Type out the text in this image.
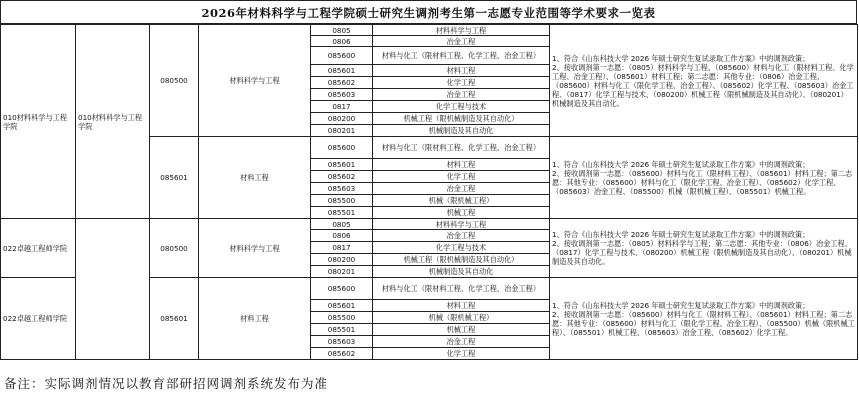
2026年材料科学与工程学院硕士研究生调剂考生第一志愿专业范围等学术要求一览表
010材料科学与工程学院	010材料科学与工程学院	080500	材料科学与工程	0805	材料科学与工程	1、符合《山东科技大学 2026 年硕士研究生复试录取工作方案》中的调剂政策；
2、接收调剂第一志愿：（0805）材料科学与工程、（085600）材料与化工（限材料工程、化学工程、冶金工程）、（085601）材料工程；第二志愿：其他专业：（0806）冶金工程、（085600）材料与化工（限化学工程、冶金工程）、（085602）化学工程、（085603）冶金工程、（0817）化学工程与技术、（080200）机械工程（限机械制造及其自动化）、（080201）机械制造及其自动化。

				0806	冶金工程	
				085600	材料与化工（限材料工程、化学工程、冶金工程）	
				085601	材料工程	
				085602	化学工程	
				085603	冶金工程	
				0817	化学工程与技术	
				080200	机械工程（限机械制造及其自动化）	
				080201	机械制造及其自动化	
		085601	材料工程	085600	材料与化工（限材料工程、化学工程、冶金工程）	1、符合《山东科技大学 2026 年硕士研究生复试录取工作方案》中的调剂政策；
2、接收调剂第一志愿：（085600）材料与化工（限材料工程）、（085601）材料工程；第二志愿：其他专业：（085600）材料与化工（限化学工程、冶金工程）、（085602）化学工程、（085603）冶金工程、（085500）机械（限机械工程）、（085501）机械工程。

				085601	材料工程	
				085602	化学工程	
				085603	冶金工程	
				085500	机械（限机械工程）	
				085501	机械工程	
022卓越工程师学院		080500	材料科学与工程	0805	材料科学与工程	1、符合《山东科技大学 2026 年硕士研究生复试录取工作方案》中的调剂政策；
2、接收调剂第一志愿：（0805）材料科学与工程；第二志愿：其他专业：（0806）冶金工程、（0817）化学工程与技术、（080200）机械工程（限机械制造及其自动化）、（080201）机械制造及其自动化。

				0806	冶金工程	
				0817	化学工程与技术	
				080200	机械工程（限机械制造及其自动化）	
				080201	机械制造及其自动化	
022卓越工程师学院		085601	材料工程	085600	材料与化工（限材料工程、化学工程、冶金工程）	1、符合《山东科技大学 2026 年硕士研究生复试录取工作方案》中的调剂政策；
2、接收调剂第一志愿：（085600）材料与化工（限材料工程）、（085601）材料工程；第二志愿：其他专业：（085600）材料与化工（限化学工程、冶金工程）、（085500）机械（限机械工程）、（085501）机械工程、（085603）冶金工程、（085602）化学工程。

				085601	材料工程	
				085500	机械（限机械工程）	
				085501	机械工程	
				085603	冶金工程	
				085602	化学工程	
备注：实际调剂情况以教育部研招网调剂系统发布为准
